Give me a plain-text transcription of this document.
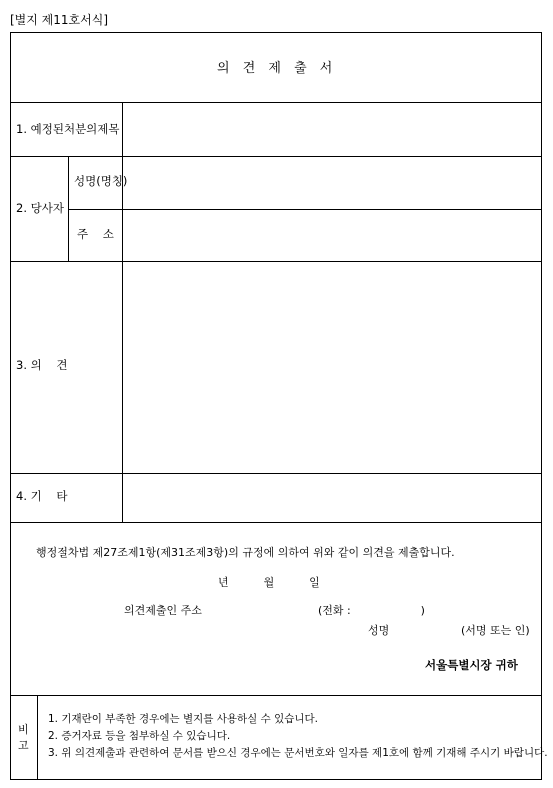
[별지 제11호서식]
의 견 제 출 서
1. 예정된처분의제목
2. 당사자
성명(명칭)
주    소
3. 의    견
4. 기    타
행정절차법 제27조제1항(제31조제3항)의 규정에 의하여 위와 같이 의견을 제출합니다.
년          월          일
의견제출인 주소	(전화 :                    )
성명	(서명 또는 인)
서울특별시장 귀하
비
고
1. 기재란이 부족한 경우에는 별지를 사용하실 수 있습니다.
2. 증거자료 등을 첨부하실 수 있습니다.
3. 위 의견제출과 관련하여 문서를 받으신 경우에는 문서번호와 일자를 제1호에 함께 기재해 주시기 바랍니다.
